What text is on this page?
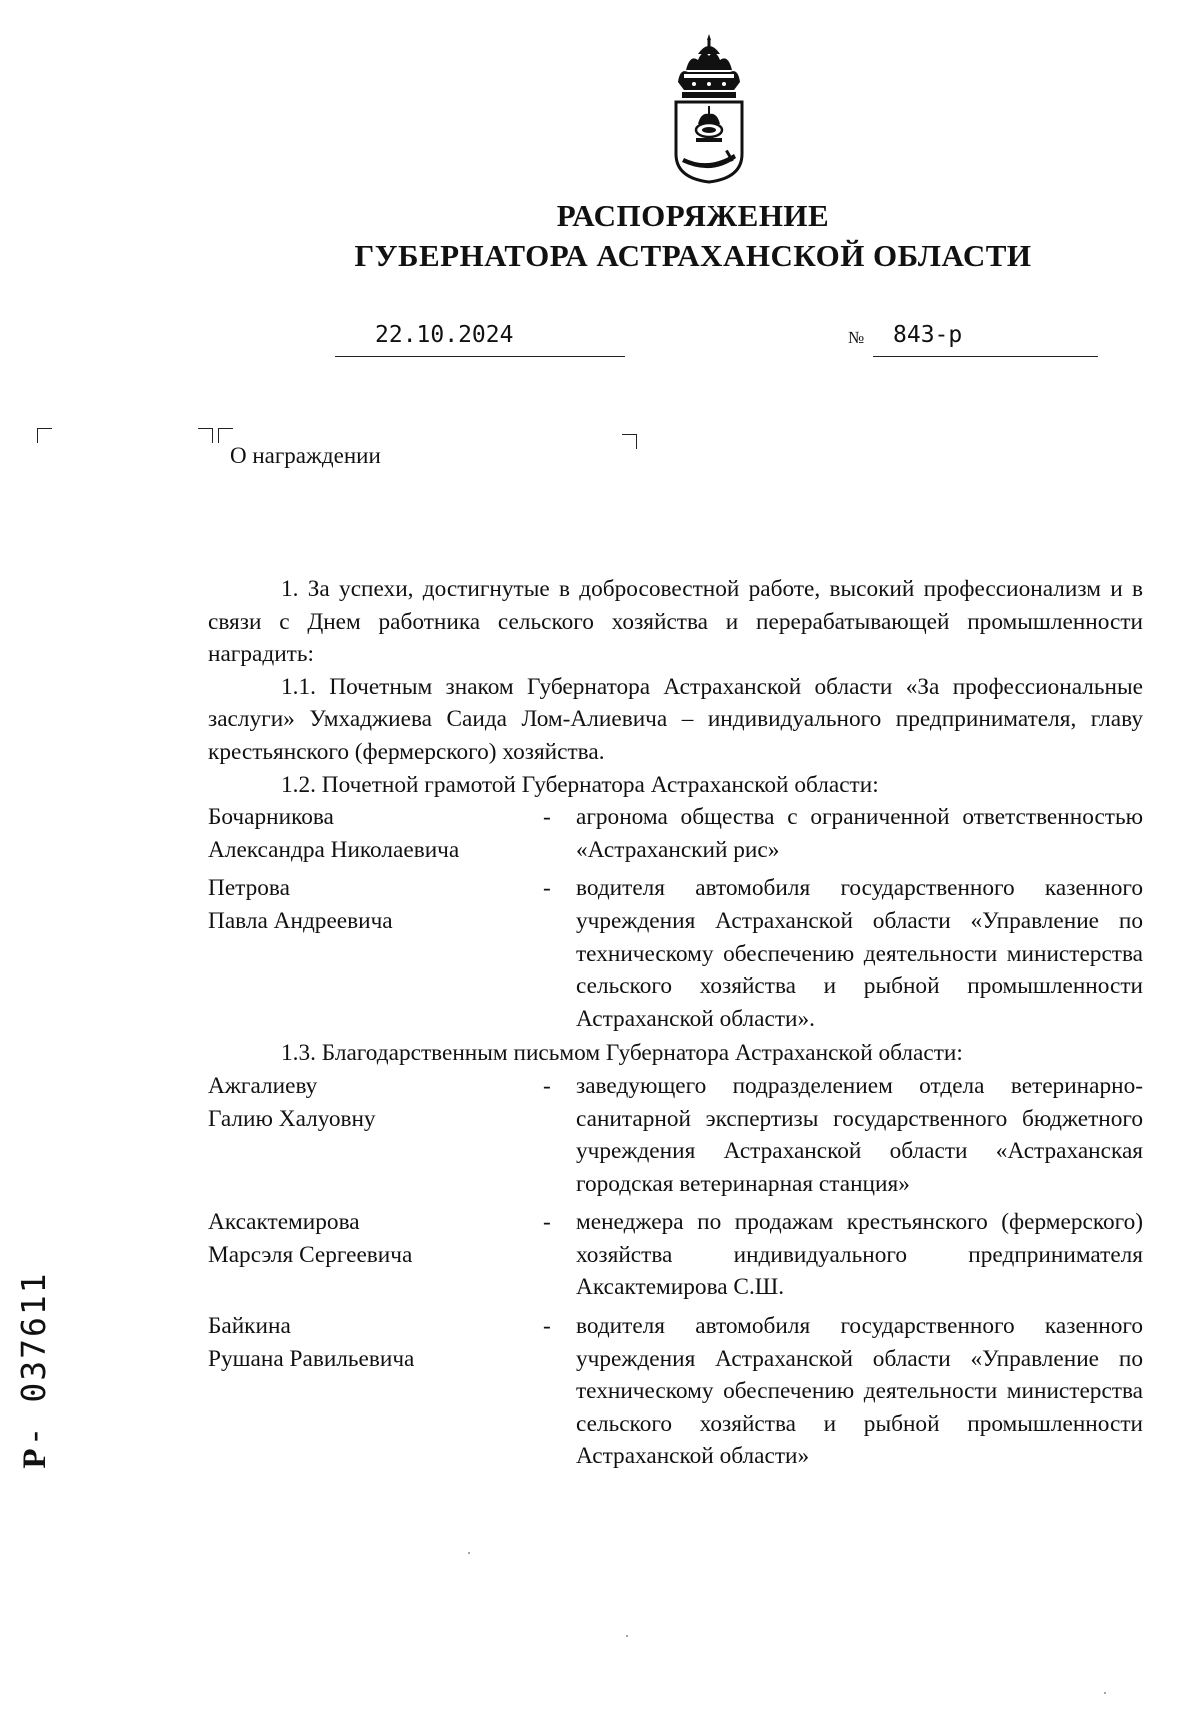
РАСПОРЯЖЕНИЕ
ГУБЕРНАТОРА АСТРАХАНСКОЙ ОБЛАСТИ
22.10.2024	№ 843-р
О награждении

1. За успехи, достигнутые в добросовестной работе, высокий профессионализм и в связи с Днем работника сельского хозяйства и перерабатывающей промышленности наградить:

1.1. Почетным знаком Губернатора Астраханской области «За профессиональные заслуги» Умхаджиева Саида Лом-Алиевича – индивидуального предпринимателя, главу крестьянского (фермерского) хозяйства.

1.2. Почетной грамотой Губернатора Астраханской области:

Бочарникова
Александра Николаевича
-	агронома общества с ограниченной ответственностью «Астраханский рис»
Петрова
Павла Андреевича
-	водителя автомобиля государственного казенного учреждения Астраханской области «Управление по техническому обеспечению деятельности министерства сельского хозяйства и рыбной промышленности Астраханской области».

1.3. Благодарственным письмом Губернатора Астраханской области:

Ажгалиеву
Галию Халуовну
-	заведующего подразделением отдела ветеринарно-санитарной экспертизы государственного бюджетного учреждения Астраханской области «Астраханская городская ветеринарная станция»
Аксактемирова
Марсэля Сергеевича
-	менеджера по продажам крестьянского (фермерского) хозяйства индивидуального предпринимателя Аксактемирова С.Ш.
Байкина
Рушана Равильевича
-	водителя автомобиля государственного казенного учреждения Астраханской области «Управление по техническому обеспечению деятельности министерства сельского хозяйства и рыбной промышленности Астраханской области»
Р- 037611
